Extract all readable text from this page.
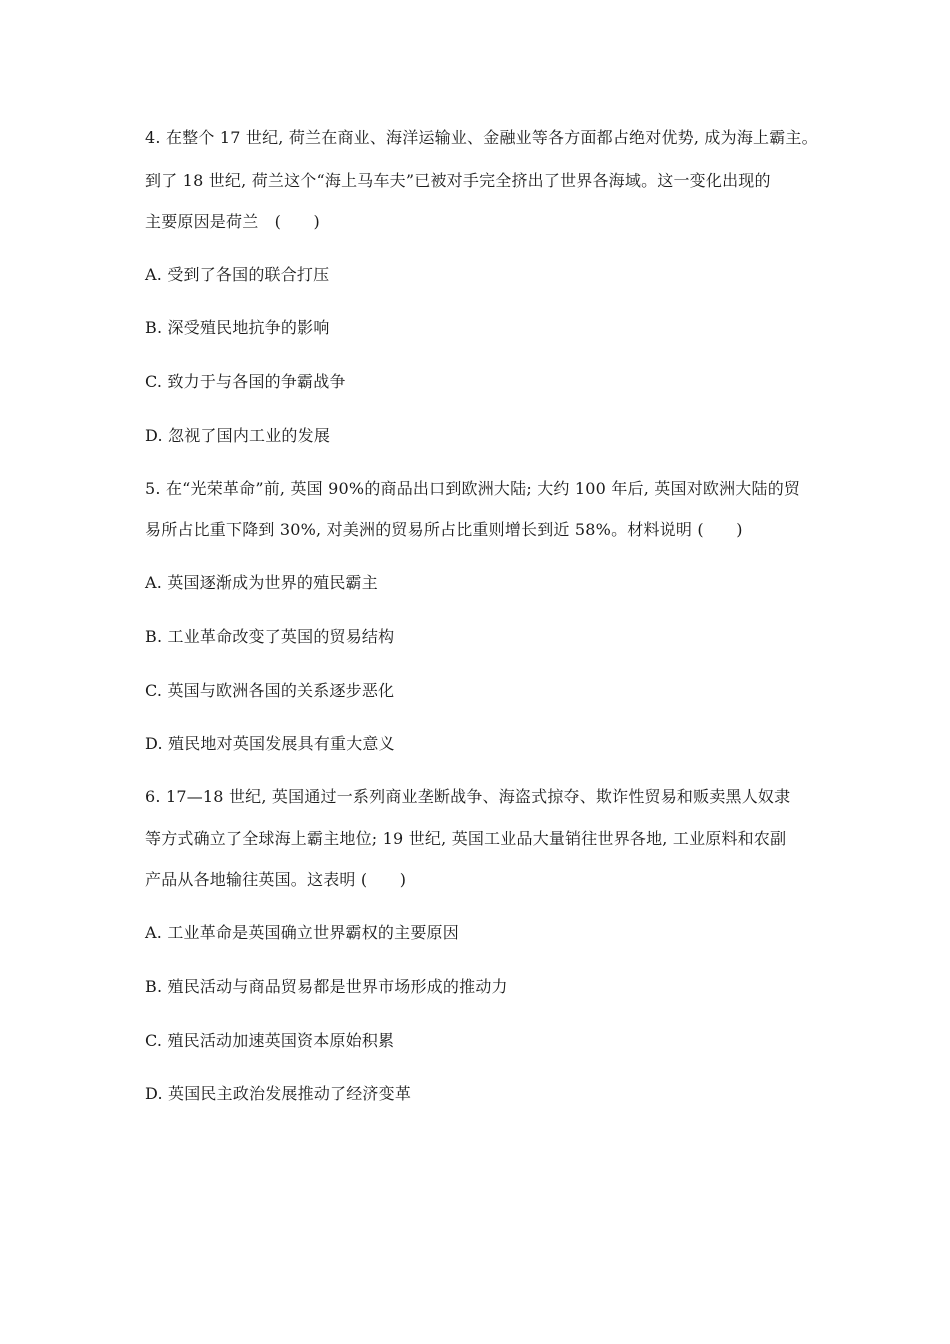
4. 在整个 17 世纪, 荷兰在商业、海洋运输业、金融业等各方面都占绝对优势, 成为海上霸主。
到了 18 世纪, 荷兰这个“海上马车夫”已被对手完全挤出了世界各海域。这一变化出现的
主要原因是荷兰　(　　)
A. 受到了各国的联合打压
B. 深受殖民地抗争的影响
C. 致力于与各国的争霸战争
D. 忽视了国内工业的发展
5. 在“光荣革命”前, 英国 90%的商品出口到欧洲大陆; 大约 100 年后, 英国对欧洲大陆的贸
易所占比重下降到 30%, 对美洲的贸易所占比重则增长到近 58%。材料说明 (　　)
A. 英国逐渐成为世界的殖民霸主
B. 工业革命改变了英国的贸易结构
C. 英国与欧洲各国的关系逐步恶化
D. 殖民地对英国发展具有重大意义
6. 17—18 世纪, 英国通过一系列商业垄断战争、海盗式掠夺、欺诈性贸易和贩卖黑人奴隶
等方式确立了全球海上霸主地位; 19 世纪, 英国工业品大量销往世界各地, 工业原料和农副
产品从各地输往英国。这表明 (　　)
A. 工业革命是英国确立世界霸权的主要原因
B. 殖民活动与商品贸易都是世界市场形成的推动力
C. 殖民活动加速英国资本原始积累
D. 英国民主政治发展推动了经济变革
